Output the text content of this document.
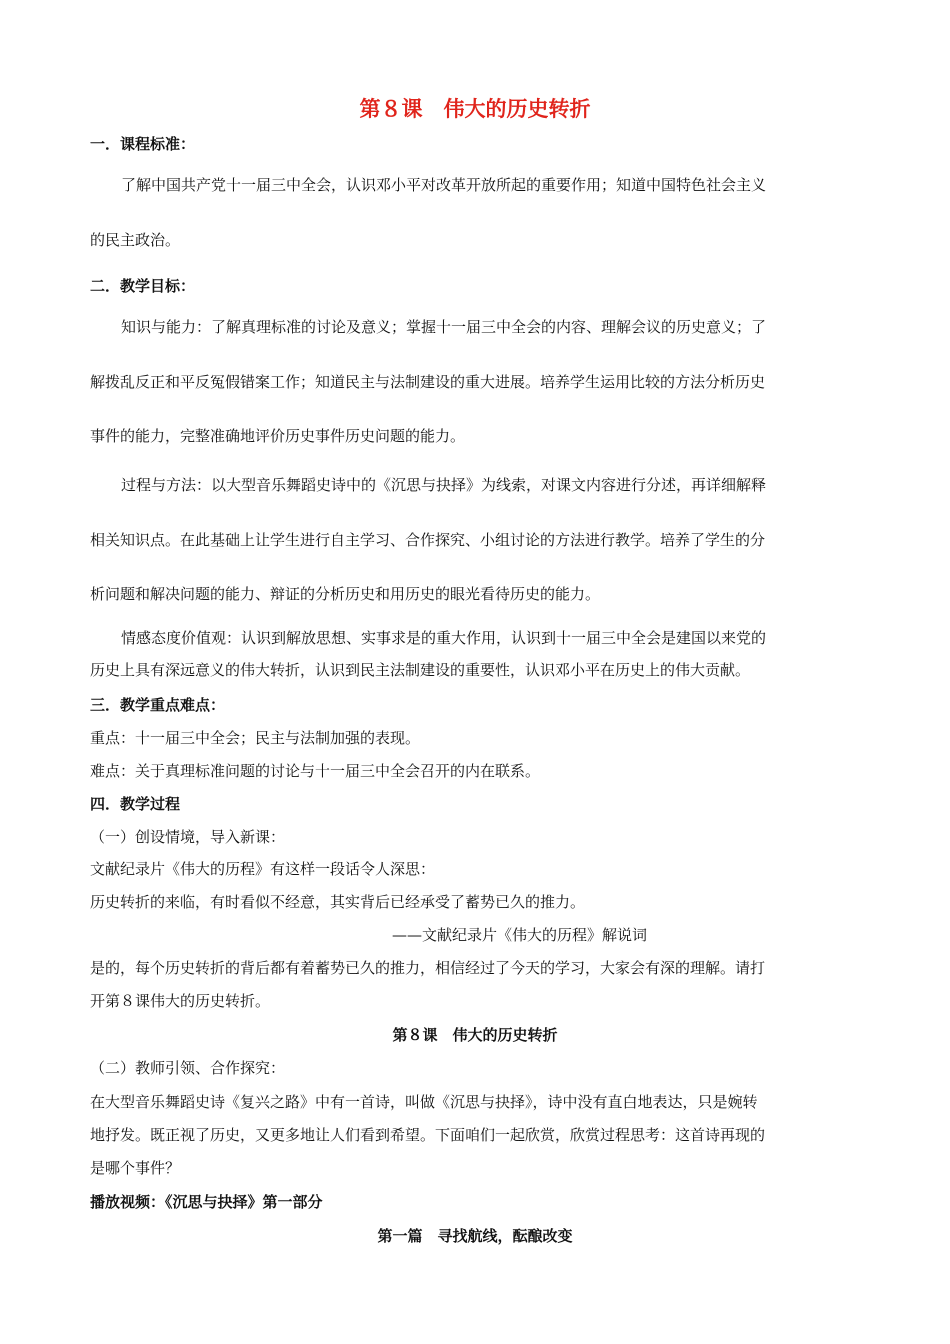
第８课　伟大的历史转折
一．课程标准：
了解中国共产党十一届三中全会，认识邓小平对改革开放所起的重要作用；知道中国特色社会主义
的民主政治。
二．教学目标：
知识与能力：了解真理标准的讨论及意义；掌握十一届三中全会的内容、理解会议的历史意义；了
解拨乱反正和平反冤假错案工作；知道民主与法制建设的重大进展。培养学生运用比较的方法分析历史
事件的能力，完整准确地评价历史事件历史问题的能力。
过程与方法：以大型音乐舞蹈史诗中的《沉思与抉择》为线索，对课文内容进行分述，再详细解释
相关知识点。在此基础上让学生进行自主学习、合作探究、小组讨论的方法进行教学。培养了学生的分
析问题和解决问题的能力、辩证的分析历史和用历史的眼光看待历史的能力。
情感态度价值观：认识到解放思想、实事求是的重大作用，认识到十一届三中全会是建国以来党的
历史上具有深远意义的伟大转折，认识到民主法制建设的重要性，认识邓小平在历史上的伟大贡献。
三．教学重点难点：
重点：十一届三中全会；民主与法制加强的表现。
难点：关于真理标准问题的讨论与十一届三中全会召开的内在联系。
四．教学过程
（一）创设情境，导入新课：
文献纪录片《伟大的历程》有这样一段话令人深思：
历史转折的来临，有时看似不经意，其实背后已经承受了蓄势已久的推力。
——文献纪录片《伟大的历程》解说词
是的，每个历史转折的背后都有着蓄势已久的推力，相信经过了今天的学习，大家会有深的理解。请打
开第８课伟大的历史转折。
第８课　伟大的历史转折
（二）教师引领、合作探究：
在大型音乐舞蹈史诗《复兴之路》中有一首诗，叫做《沉思与抉择》，诗中没有直白地表达，只是婉转
地抒发。既正视了历史，又更多地让人们看到希望。下面咱们一起欣赏，欣赏过程思考：这首诗再现的
是哪个事件？
播放视频：《沉思与抉择》第一部分
第一篇　寻找航线，酝酿改变
